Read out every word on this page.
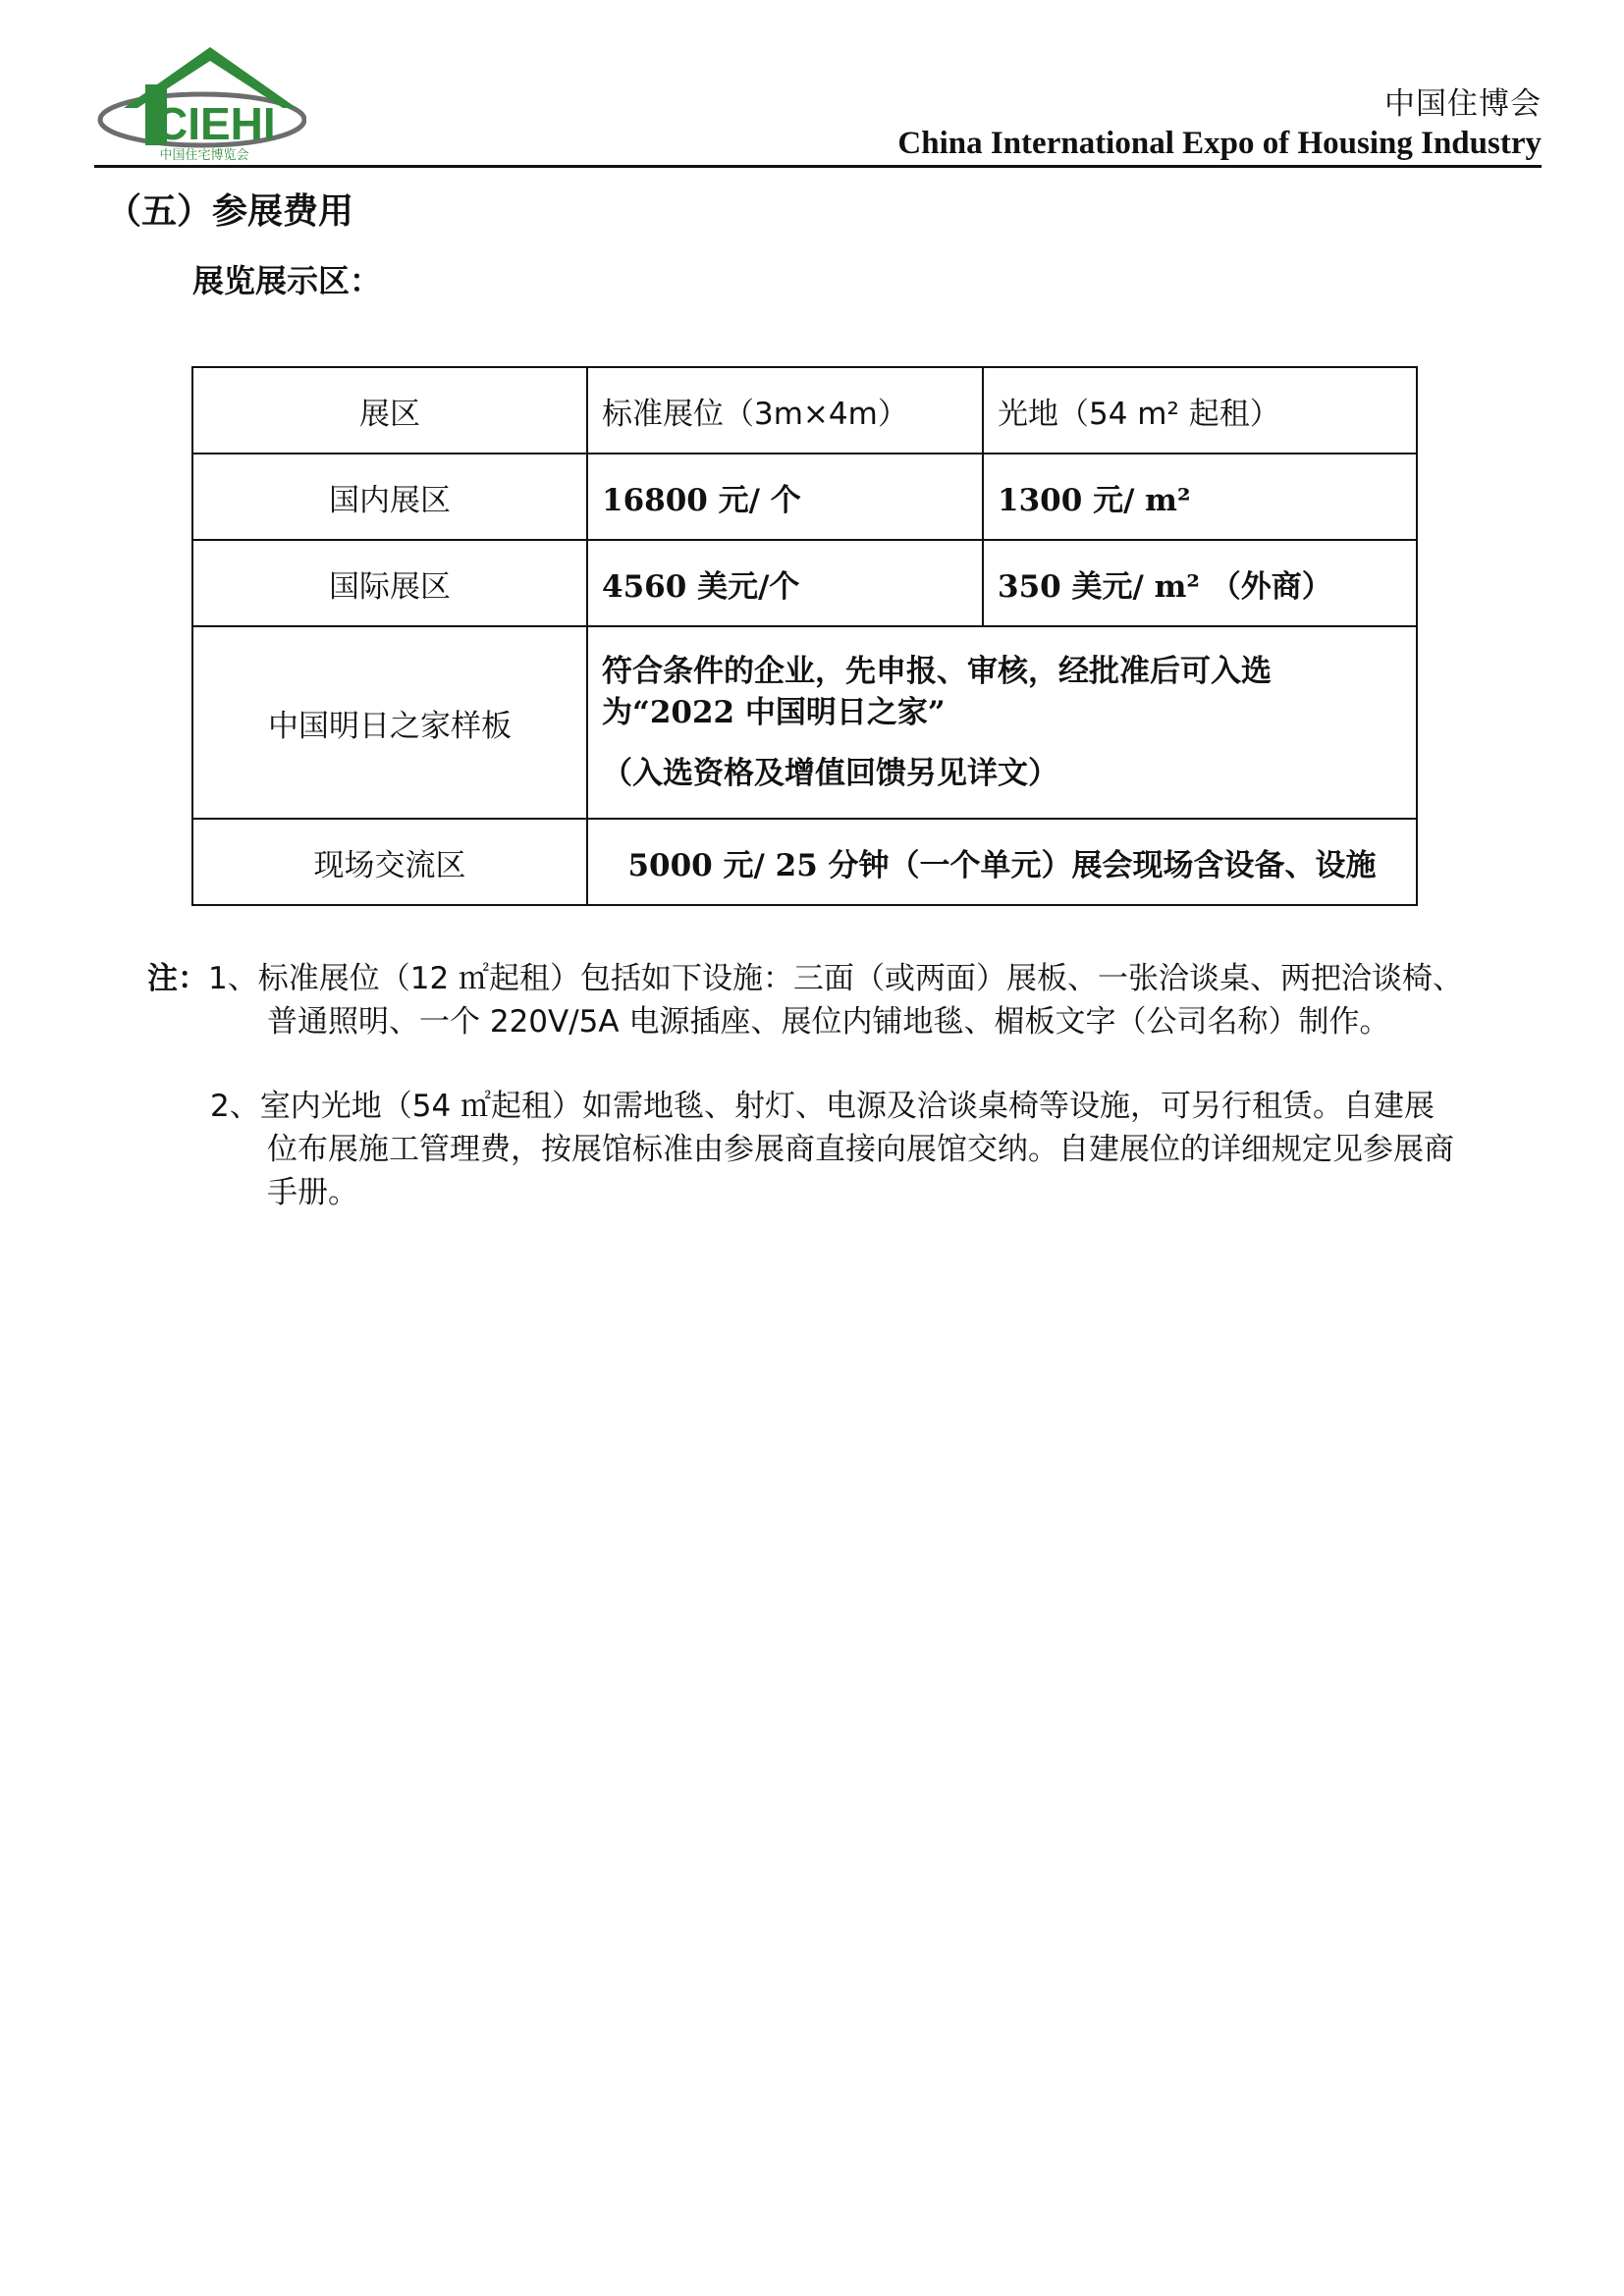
CIEHI
中国住宅博览会
中国住博会
China International Expo of Housing Industry
（五）参展费用
展览展示区：
展区	标准展位（3m×4m）	光地（54 m² 起租）
国内展区	16800 元/ 个	1300 元/ m²
国际展区	4560 美元/个	350 美元/ m² （外商）
中国明日之家样板	符合条件的企业，先申报、审核，经批准后可入选为“2022 中国明日之家”
（入选资格及增值回馈另见详文）	

现场交流区	5000 元/ 25 分钟（一个单元）展会现场含设备、设施	
注：1、标准展位（12 ㎡起租）包括如下设施：三面（或两面）展板、一张洽谈桌、两把洽谈椅、
普通照明、一个 220V/5A 电源插座、展位内铺地毯、楣板文字（公司名称）制作。
2、室内光地（54 ㎡起租）如需地毯、射灯、电源及洽谈桌椅等设施，可另行租赁。自建展
位布展施工管理费，按展馆标准由参展商直接向展馆交纳。自建展位的详细规定见参展商
手册。
